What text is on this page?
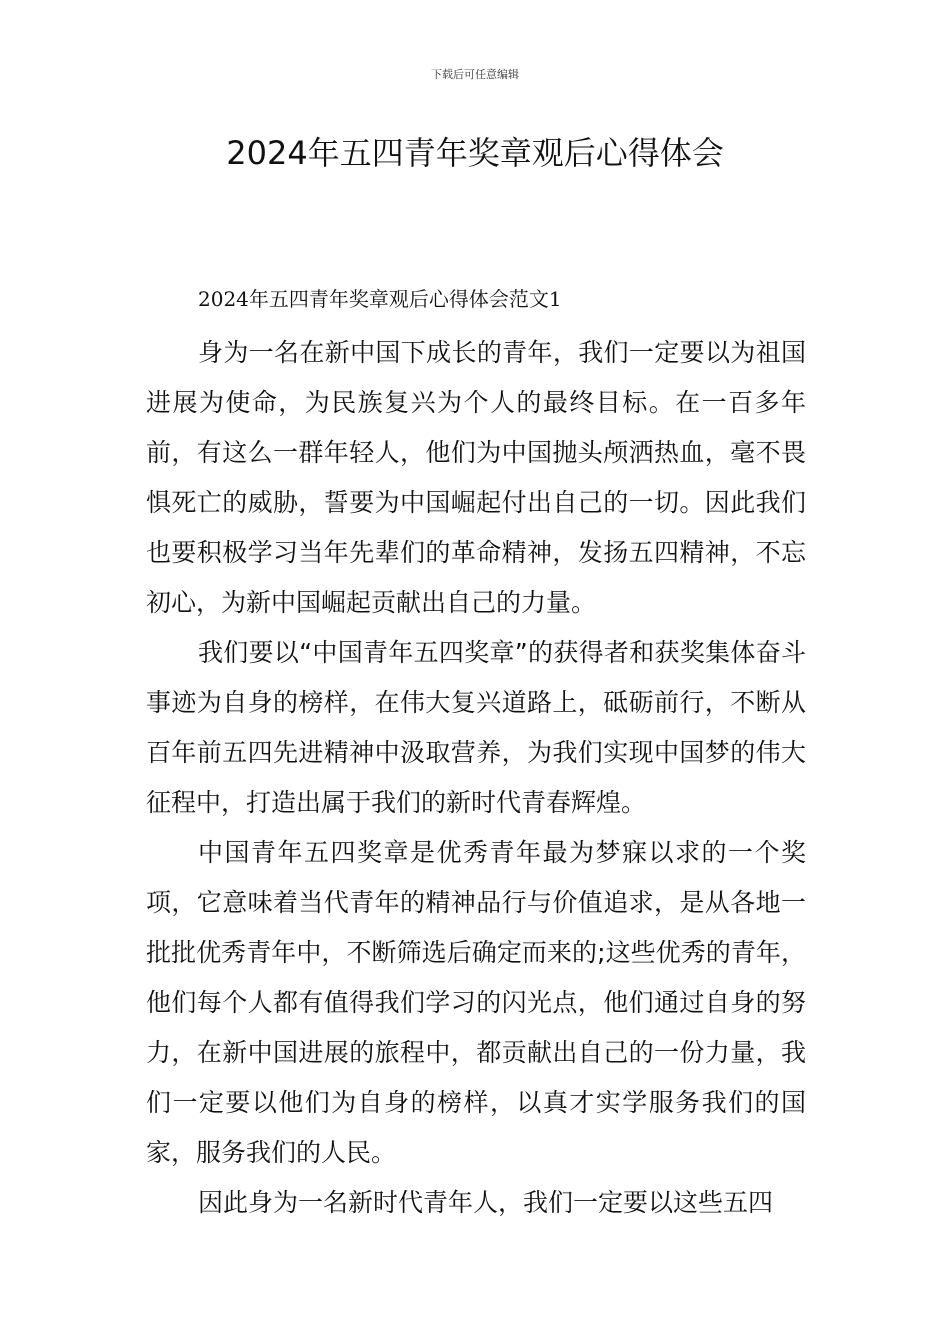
下载后可任意编辑
2024年五四青年奖章观后心得体会

2024年五四青年奖章观后心得体会范文1

身为一名在新中国下成长的青年，我们一定要以为祖国进展为使命，为民族复兴为个人的最终目标。在一百多年前，有这么一群年轻人，他们为中国抛头颅洒热血，毫不畏惧死亡的威胁，誓要为中国崛起付出自己的一切。因此我们也要积极学习当年先辈们的革命精神，发扬五四精神，不忘初心，为新中国崛起贡献出自己的力量。

我们要以“中国青年五四奖章”的获得者和获奖集体奋斗事迹为自身的榜样，在伟大复兴道路上，砥砺前行，不断从百年前五四先进精神中汲取营养，为我们实现中国梦的伟大征程中，打造出属于我们的新时代青春辉煌。

中国青年五四奖章是优秀青年最为梦寐以求的一个奖项，它意味着当代青年的精神品行与价值追求，是从各地一批批优秀青年中，不断筛选后确定而来的;这些优秀的青年，他们每个人都有值得我们学习的闪光点，他们通过自身的努力，在新中国进展的旅程中，都贡献出自己的一份力量，我们一定要以他们为自身的榜样，以真才实学服务我们的国家，服务我们的人民。

因此身为一名新时代青年人，我们一定要以这些五四
